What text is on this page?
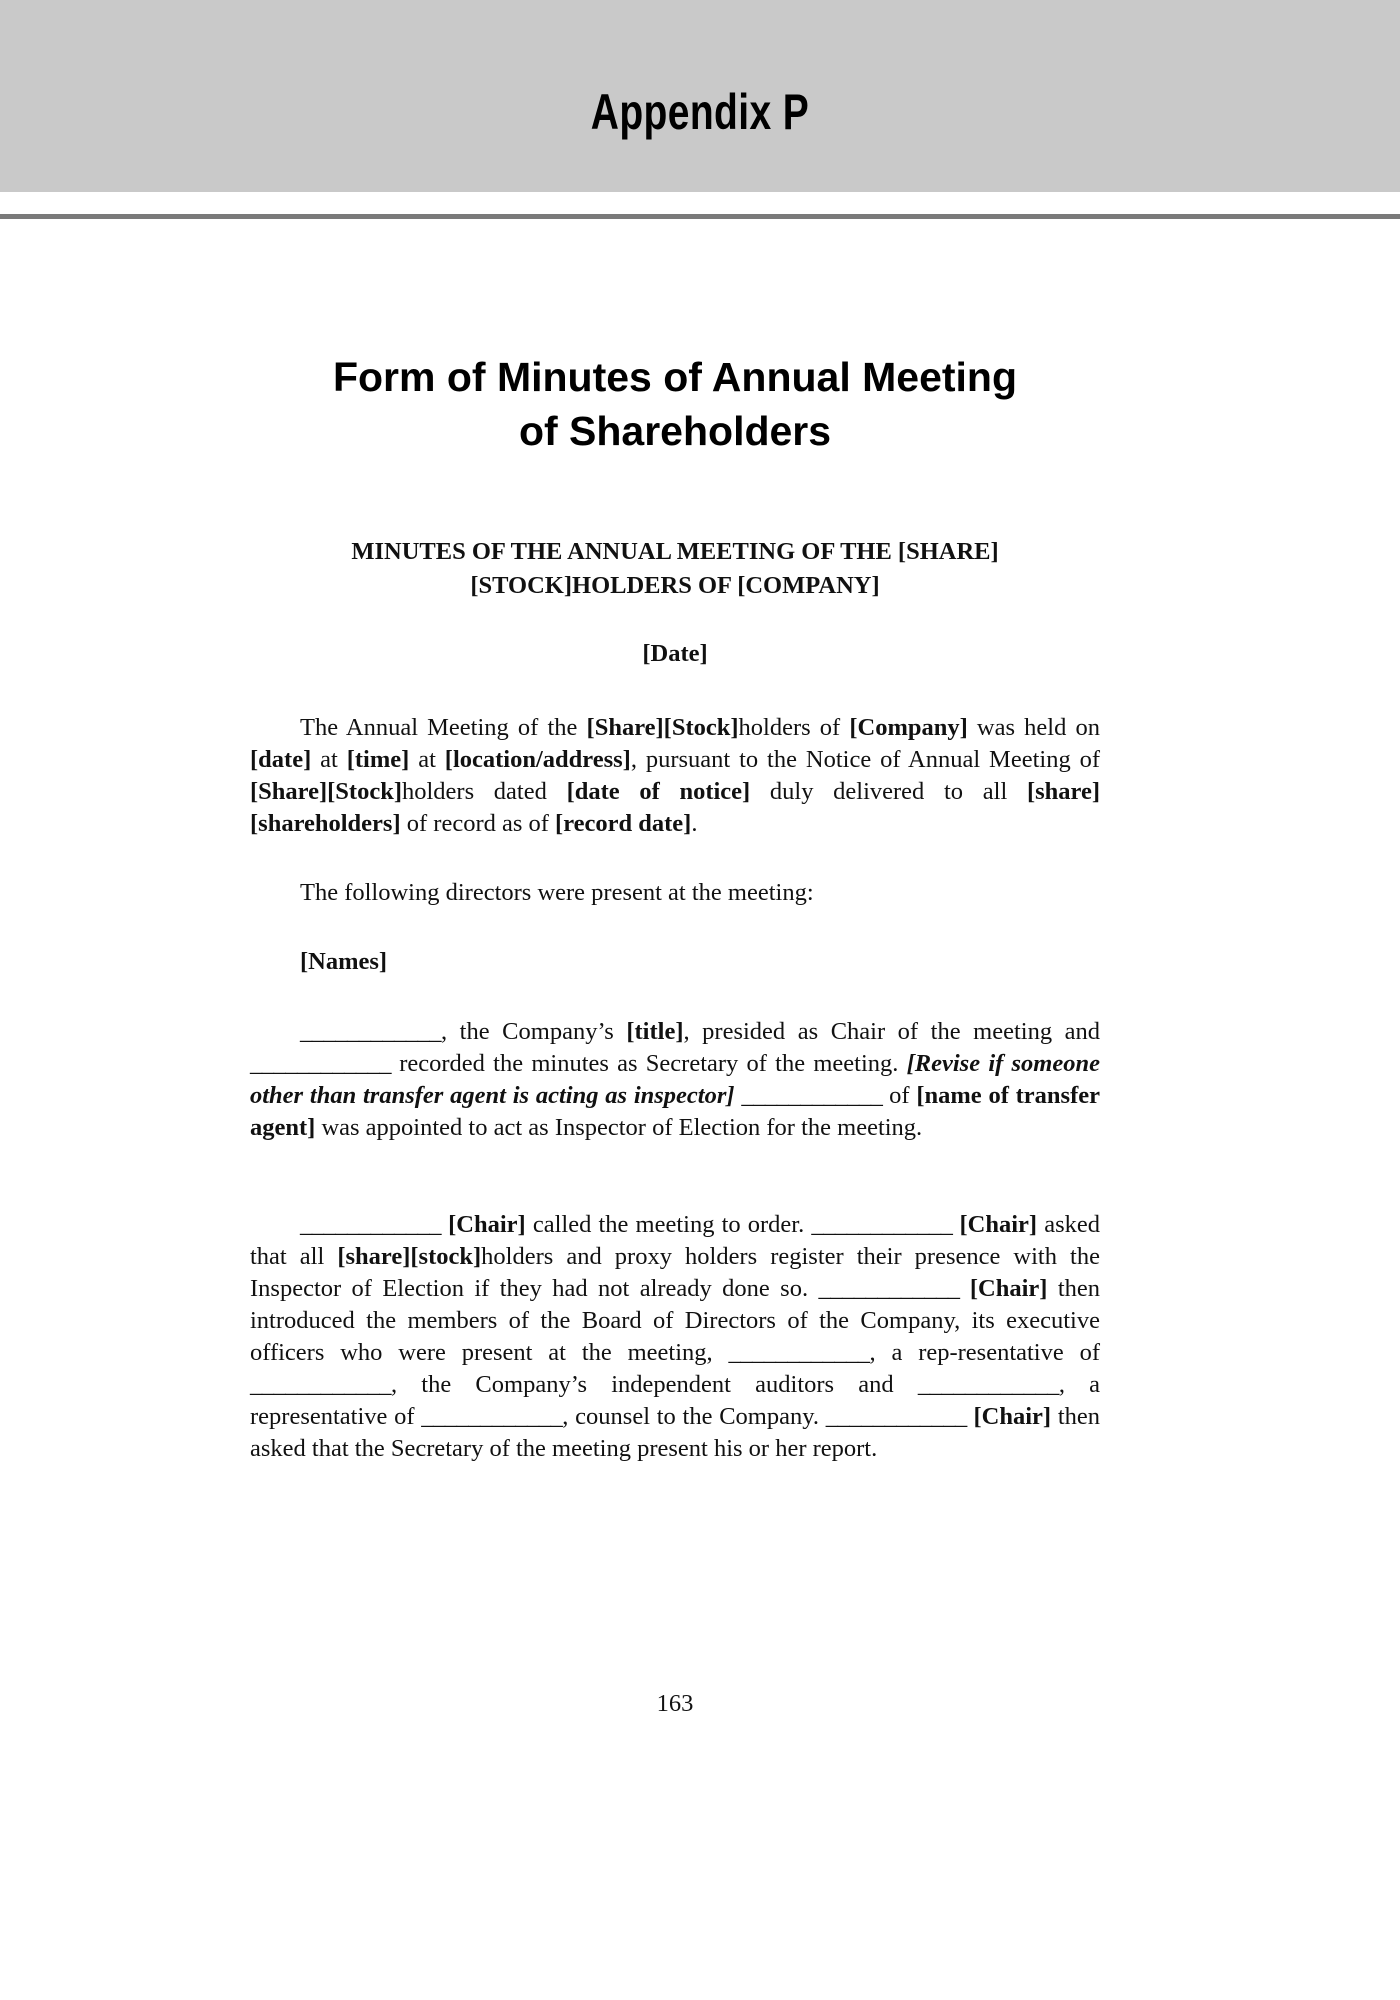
Appendix P
Form of Minutes of Annual Meeting
of Shareholders
MINUTES OF THE ANNUAL MEETING OF THE [SHARE]
[STOCK]HOLDERS OF [COMPANY]
[Date]

The Annual Meeting of the [Share][Stock]holders of [Company] was held on [date] at [time] at [location/address], pursuant to the Notice of Annual Meeting of [Share][Stock]holders dated [date of notice] duly delivered to all [share][shareholders] of record as of [record date].

The following directors were present at the meeting:

[Names]

____________, the Company’s [title], presided as Chair of the meeting and ____________ recorded the minutes as Secretary of the meeting. [Revise if someone other than transfer agent is acting as inspector] ____________ of [name of transfer agent] was appointed to act as Inspector of Election for the meeting.

____________ [Chair] called the meeting to order. ____________ [Chair] asked that all [share][stock]holders and proxy holders register their presence with the Inspector of Election if they had not already done so. ____________ [Chair] then introduced the members of the Board of Directors of the Company, its executive officers who were present at the meeting, ____________, a rep-resentative of ____________, the Company’s independent auditors and ____________, a representative of ____________, counsel to the Company. ____________ [Chair] then asked that the Secretary of the meeting present his or her report.

163
